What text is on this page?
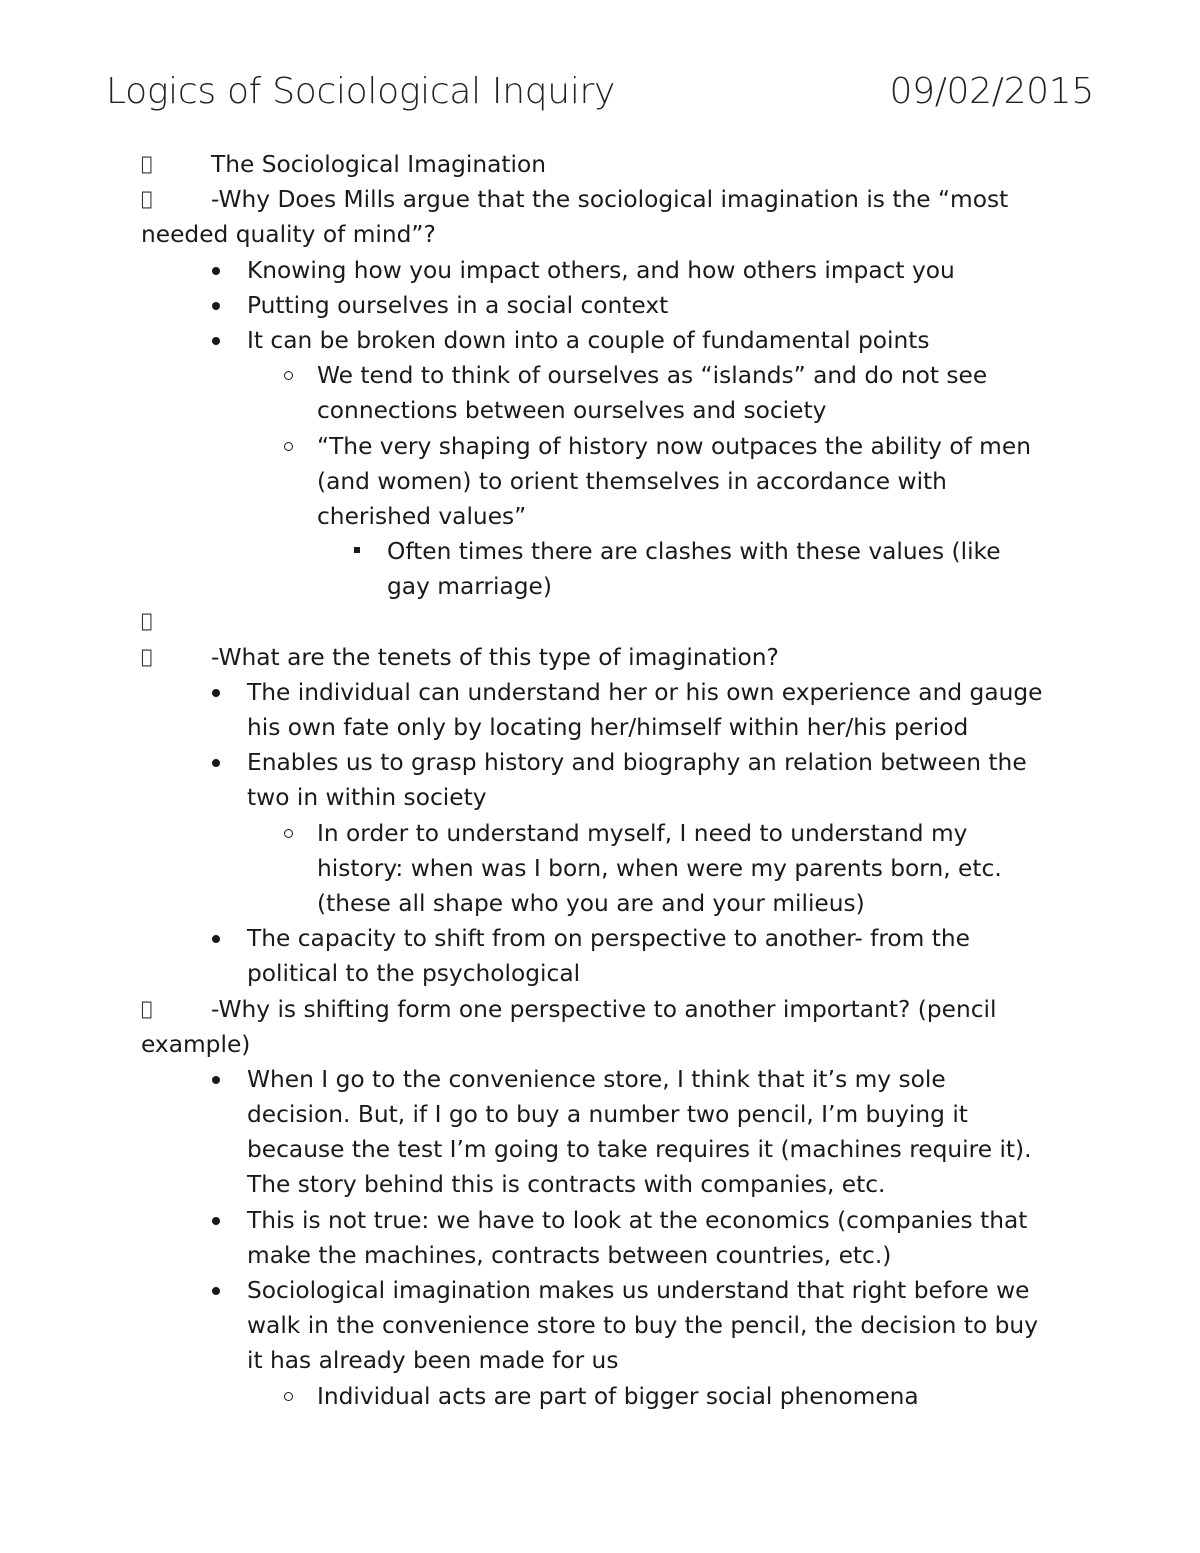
Logics of Sociological Inquiry	09/02/2015
The Sociological Imagination
-Why Does Mills argue that the sociological imagination is the “most
needed quality of mind”?
Knowing how you impact others, and how others impact you
Putting ourselves in a social context
It can be broken down into a couple of fundamental points
We tend to think of ourselves as “islands” and do not see
connections between ourselves and society
“The very shaping of history now outpaces the ability of men
(and women) to orient themselves in accordance with
cherished values”
Often times there are clashes with these values (like
gay marriage)
-What are the tenets of this type of imagination?
The individual can understand her or his own experience and gauge
his own fate only by locating her/himself within her/his period
Enables us to grasp history and biography an relation between the
two in within society
In order to understand myself, I need to understand my
history: when was I born, when were my parents born, etc.
(these all shape who you are and your milieus)
The capacity to shift from on perspective to another- from the
political to the psychological
-Why is shifting form one perspective to another important? (pencil
example)
When I go to the convenience store, I think that it’s my sole
decision. But, if I go to buy a number two pencil, I’m buying it
because the test I’m going to take requires it (machines require it).
The story behind this is contracts with companies, etc.
This is not true: we have to look at the economics (companies that
make the machines, contracts between countries, etc.)
Sociological imagination makes us understand that right before we
walk in the convenience store to buy the pencil, the decision to buy
it has already been made for us
Individual acts are part of bigger social phenomena
